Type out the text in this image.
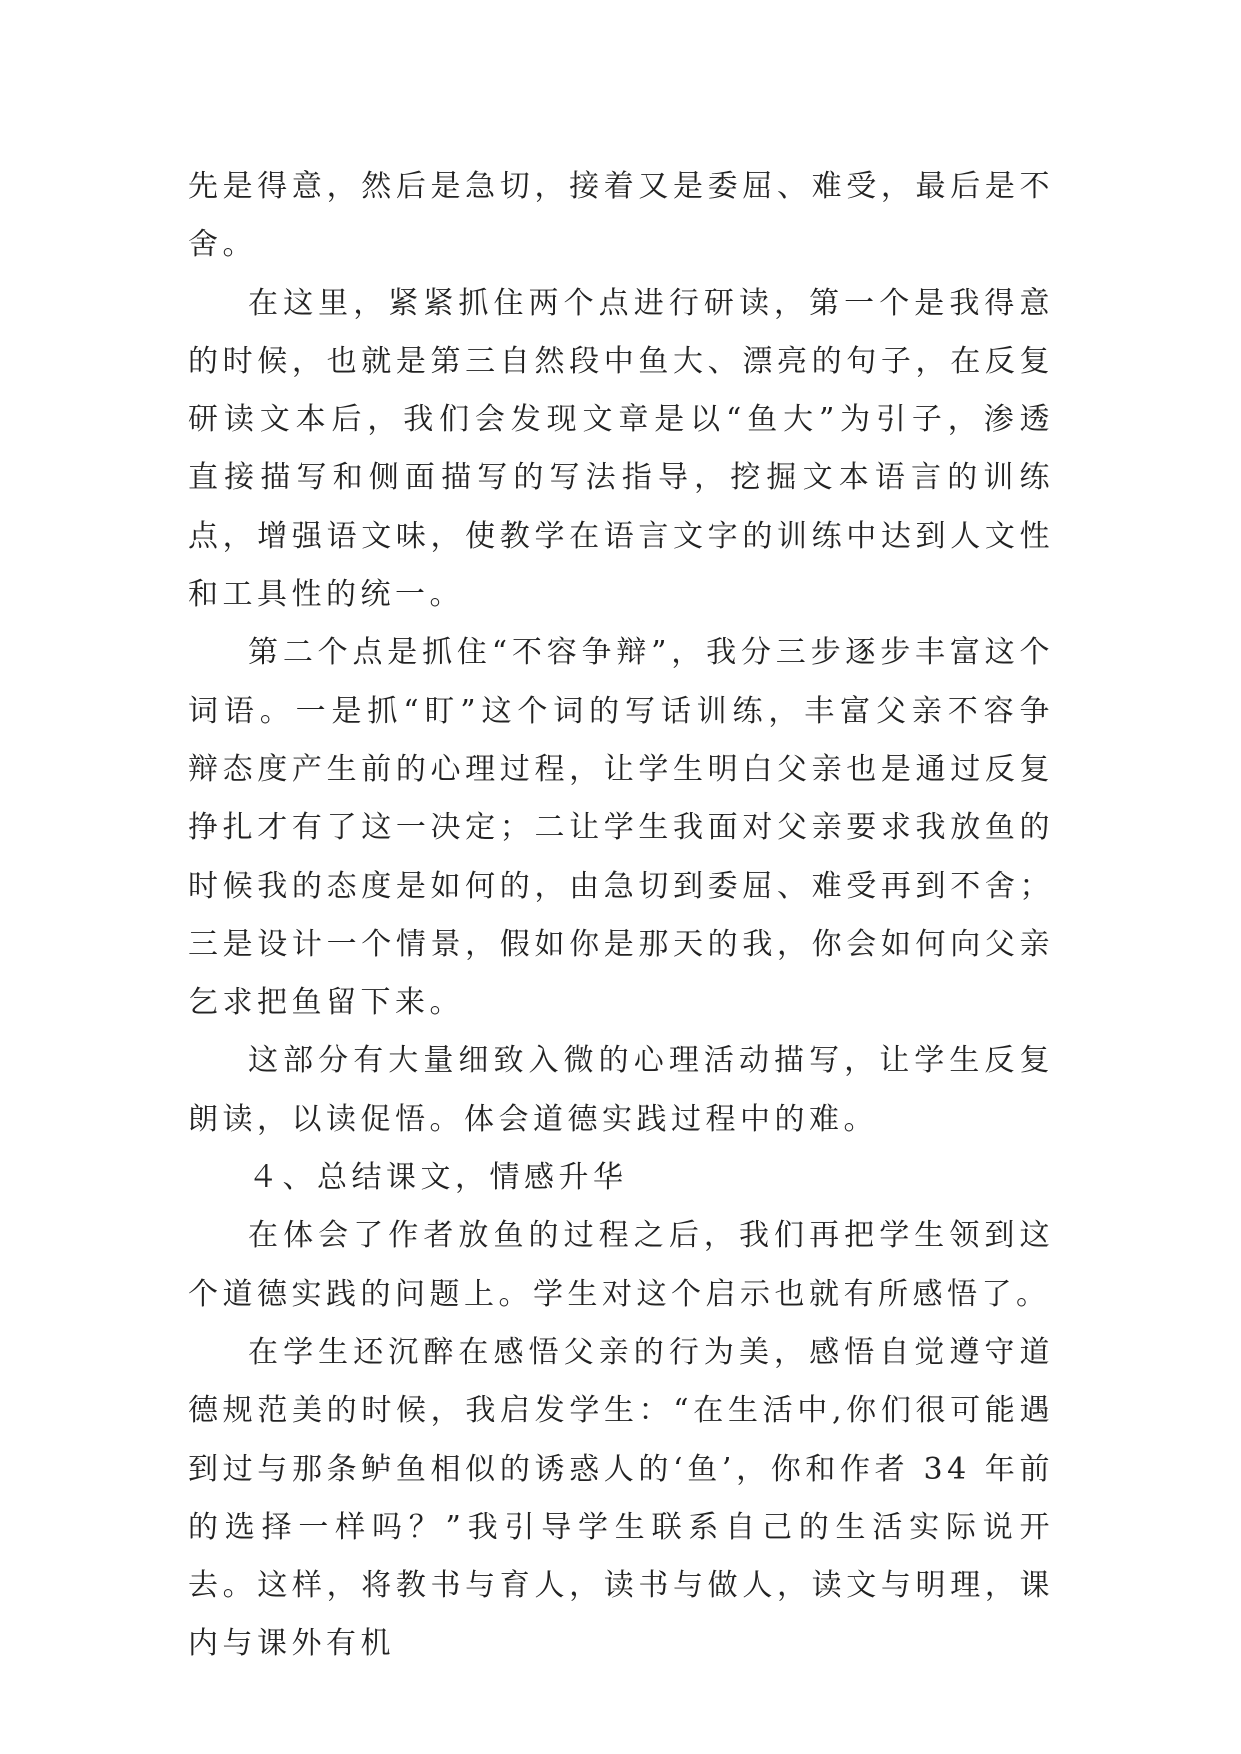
先是得意，然后是急切，接着又是委屈、难受，最后是不舍。

在这里，紧紧抓住两个点进行研读，第一个是我得意的时候，也就是第三自然段中鱼大、漂亮的句子，在反复研读文本后，我们会发现文章是以“鱼大”为引子，渗透直接描写和侧面描写的写法指导，挖掘文本语言的训练点，增强语文味，使教学在语言文字的训练中达到人文性和工具性的统一。

第二个点是抓住“不容争辩”，我分三步逐步丰富这个词语。一是抓“盯”这个词的写话训练，丰富父亲不容争辩态度产生前的心理过程，让学生明白父亲也是通过反复挣扎才有了这一决定；二让学生我面对父亲要求我放鱼的时候我的态度是如何的，由急切到委屈、难受再到不舍；三是设计一个情景，假如你是那天的我，你会如何向父亲乞求把鱼留下来。

这部分有大量细致入微的心理活动描写，让学生反复朗读，以读促悟。体会道德实践过程中的难。

４、总结课文，情感升华

在体会了作者放鱼的过程之后，我们再把学生领到这个道德实践的问题上。学生对这个启示也就有所感悟了。

在学生还沉醉在感悟父亲的行为美，感悟自觉遵守道德规范美的时候，我启发学生：“在生活中,你们很可能遇到过与那条鲈鱼相似的诱惑人的‘鱼’，你和作者 34 年前的选择一样吗？”我引导学生联系自己的生活实际说开去。这样，将教书与育人，读书与做人，读文与明理，课内与课外有机
